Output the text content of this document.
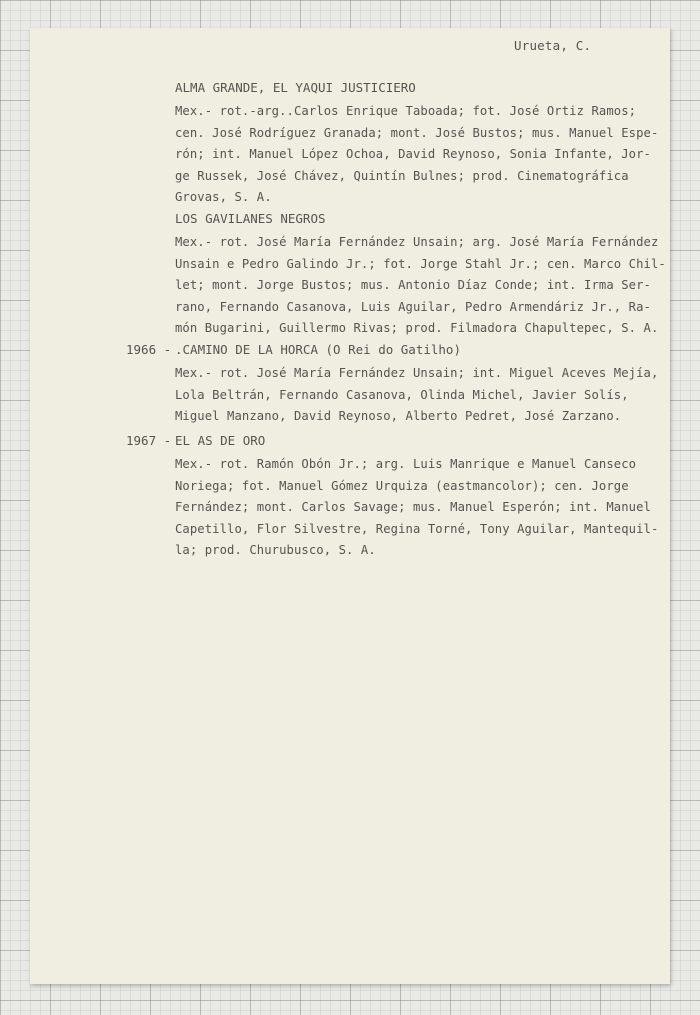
Urueta, C.
ALMA GRANDE, EL YAQUI JUSTICIERO
Mex.- rot.-arg..Carlos Enrique Taboada; fot. José Ortiz Ramos;
cen. José Rodríguez Granada; mont. José Bustos; mus. Manuel Espe-
rón; int. Manuel López Ochoa, David Reynoso, Sonia Infante, Jor-
ge Russek, José Chávez, Quintín Bulnes; prod. Cinematográfica
Grovas, S. A.
LOS GAVILANES NEGROS
Mex.- rot. José María Fernández Unsain; arg. José María Fernández
Unsain e Pedro Galindo Jr.; fot. Jorge Stahl Jr.; cen. Marco Chil-
let; mont. Jorge Bustos; mus. Antonio Díaz Conde; int. Irma Ser-
rano, Fernando Casanova, Luis Aguilar, Pedro Armendáriz Jr., Ra-
món Bugarini, Guillermo Rivas; prod. Filmadora Chapultepec, S. A.
1966 - .CAMINO DE LA HORCA (O Rei do Gatilho)
Mex.- rot. José María Fernández Unsain; int. Miguel Aceves Mejía,
Lola Beltrán, Fernando Casanova, Olinda Michel, Javier Solís,
Miguel Manzano, David Reynoso, Alberto Pedret, José Zarzano.
1967 - EL AS DE ORO
Mex.- rot. Ramón Obón Jr.; arg. Luis Manrique e Manuel Canseco
Noriega; fot. Manuel Gómez Urquiza (eastmancolor); cen. Jorge
Fernández; mont. Carlos Savage; mus. Manuel Esperón; int. Manuel
Capetillo, Flor Silvestre, Regina Torné, Tony Aguilar, Mantequil-
la; prod. Churubusco, S. A.
